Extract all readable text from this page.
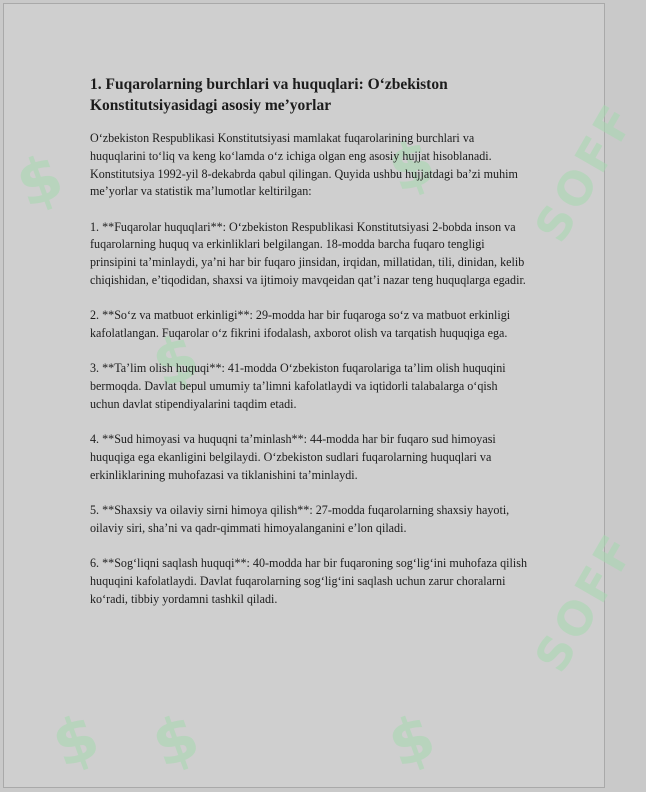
$
$
$
$	$
$
SOFF
SOFF
1. Fuqarolarning burchlari va huquqlari: O‘zbekiston Konstitutsiyasidagi asosiy me’yorlar
O‘zbekiston Respublikasi Konstitutsiyasi mamlakat fuqarolarining burchlari va huquqlarini to‘liq va keng ko‘lamda o‘z ichiga olgan eng asosiy hujjat hisoblanadi. Konstitutsiya 1992-yil 8-dekabrda qabul qilingan. Quyida ushbu hujjatdagi ba’zi muhim me’yorlar va statistik ma’lumotlar keltirilgan:
1. **Fuqarolar huquqlari**: O‘zbekiston Respublikasi Konstitutsiyasi 2-bobda inson va fuqarolarning huquq va erkinliklari belgilangan. 18-modda barcha fuqaro tengligi prinsipini ta’minlaydi, ya’ni har bir fuqaro jinsidan, irqidan, millatidan, tili, dinidan, kelib chiqishidan, e’tiqodidan, shaxsi va ijtimoiy mavqeidan qat’i nazar teng huquqlarga egadir.
2. **So‘z va matbuot erkinligi**: 29-modda har bir fuqaroga so‘z va matbuot erkinligi kafolatlangan. Fuqarolar o‘z fikrini ifodalash, axborot olish va tarqatish huquqiga ega.
3. **Ta’lim olish huquqi**: 41-modda O‘zbekiston fuqarolariga ta’lim olish huquqini bermoqda. Davlat bepul umumiy ta’limni kafolatlaydi va iqtidorli talabalarga o‘qish uchun davlat stipendiyalarini taqdim etadi.
4. **Sud himoyasi va huquqni ta’minlash**: 44-modda har bir fuqaro sud himoyasi huquqiga ega ekanligini belgilaydi. O‘zbekiston sudlari fuqarolarning huquqlari va erkinliklarining muhofazasi va tiklanishini ta’minlaydi.
5. **Shaxsiy va oilaviy sirni himoya qilish**: 27-modda fuqarolarning shaxsiy hayoti, oilaviy siri, sha’ni va qadr-qimmati himoyalanganini e’lon qiladi.
6. **Sog‘liqni saqlash huquqi**: 40-modda har bir fuqaroning sog‘lig‘ini muhofaza qilish huquqini kafolatlaydi. Davlat fuqarolarning sog‘lig‘ini saqlash uchun zarur choralarni ko‘radi, tibbiy yordamni tashkil qiladi.
